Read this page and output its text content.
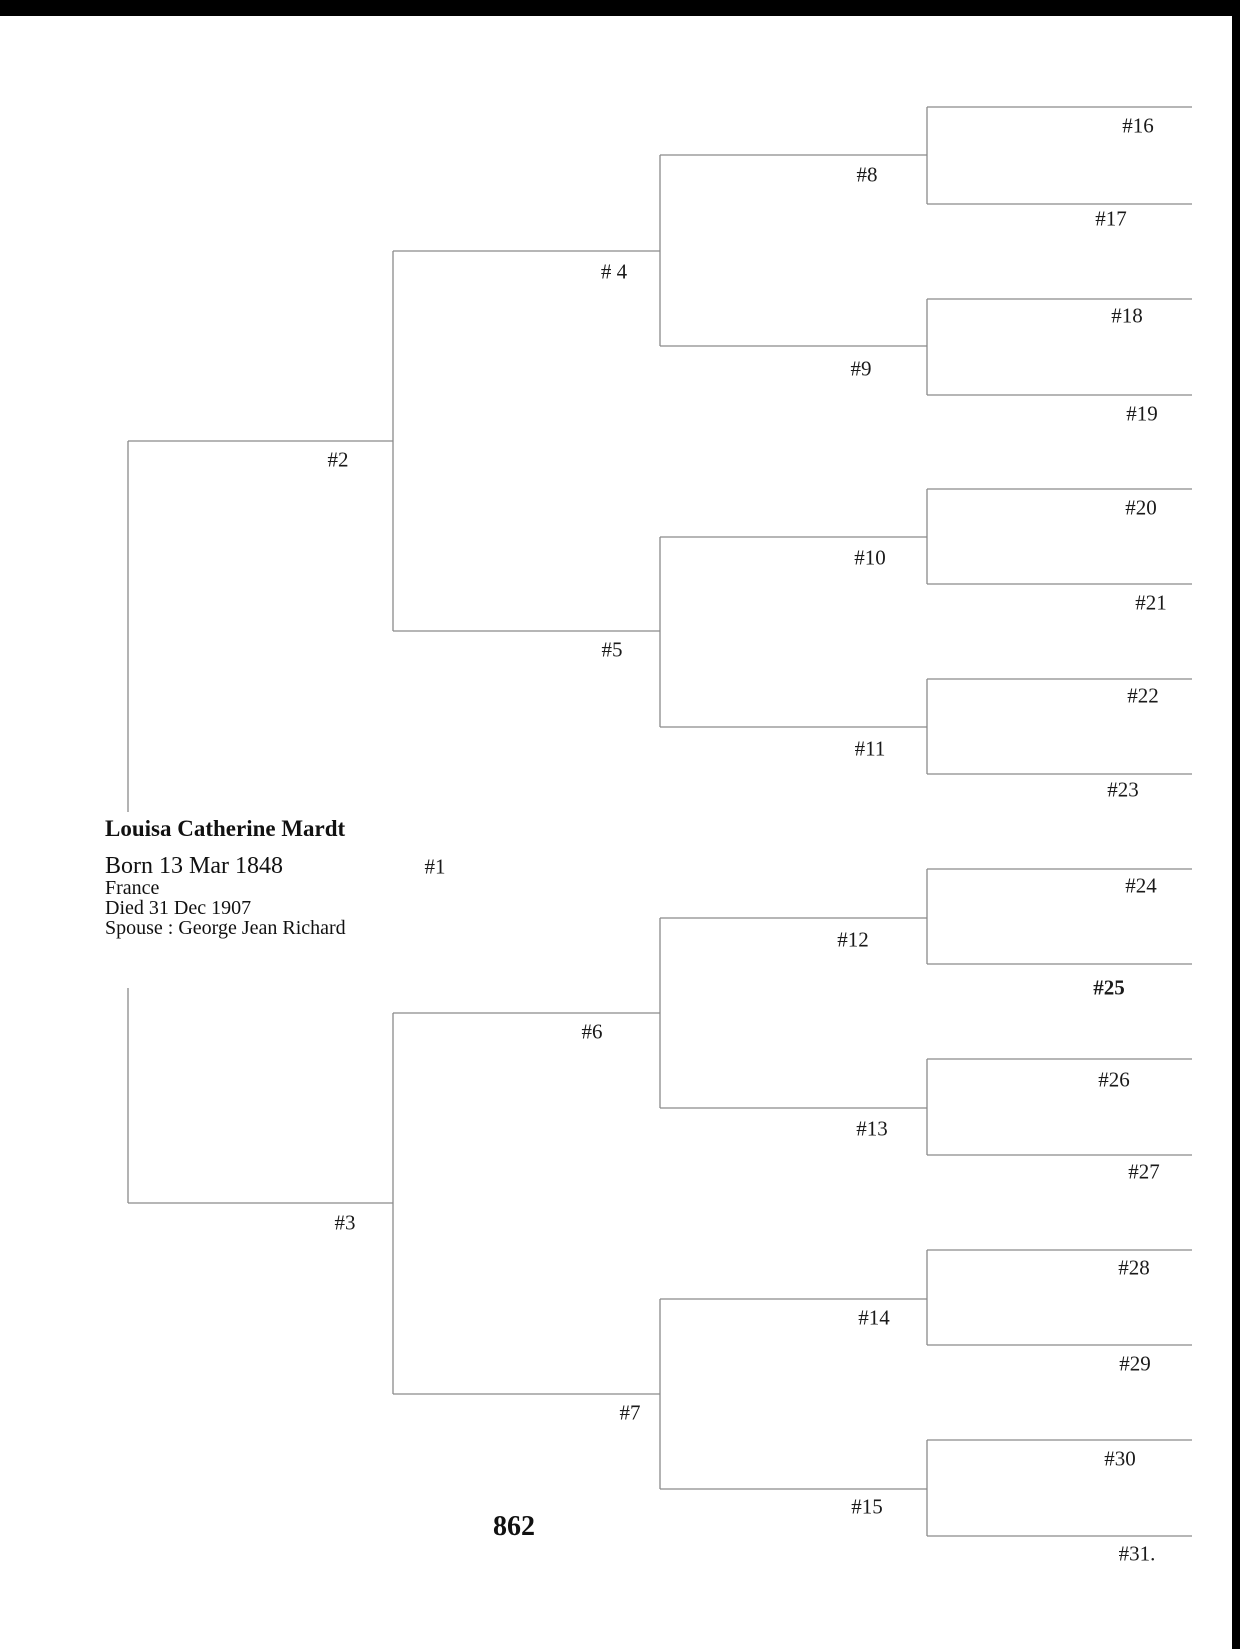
Louisa Catherine Mardt
Born 13 Mar 1848
France
Died 31 Dec 1907
Spouse : George Jean Richard
#1
#2
#3
# 4
#5
#6
#7
#8
#9
#10
#11
#12
#13
#14
#15
#16
#17
#18
#19
#20
#21
#22
#23
#24
#25
#26
#27
#28
#29
#30
#31.
862
